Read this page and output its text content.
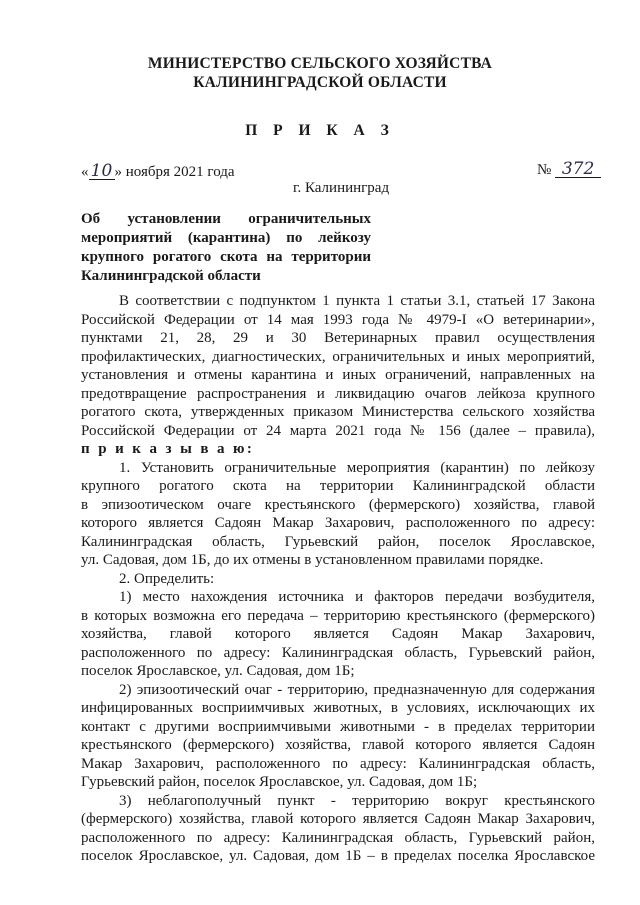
МИНИСТЕРСТВО СЕЛЬСКОГО ХОЗЯЙСТВА
КАЛИНИНГРАДСКОЙ ОБЛАСТИ
П Р И К А З
« 10 » ноября 2021 года	№ 372
г. Калининград
Об установлении ограничительных
мероприятий (карантина) по лейкозу
крупного рогатого скота на территории
Калининградской области
В соответствии с подпунктом 1 пункта 1 статьи 3.1, статьей 17 Закона
Российской Федерации от 14 мая 1993 года № 4979-I «О ветеринарии»,
пунктами 21, 28, 29 и 30 Ветеринарных правил осуществления
профилактических, диагностических, ограничительных и иных мероприятий,
установления и отмены карантина и иных ограничений, направленных на
предотвращение распространения и ликвидацию очагов лейкоза крупного
рогатого скота, утвержденных приказом Министерства сельского хозяйства
Российской Федерации от 24 марта 2021 года № 156 (далее – правила),
п р и к а з ы в а ю:
1. Установить ограничительные мероприятия (карантин) по лейкозу
крупного рогатого скота на территории Калининградской области
в эпизоотическом очаге крестьянского (фермерского) хозяйства, главой
которого является Садоян Макар Захарович, расположенного по адресу:
Калининградская область, Гурьевский район, поселок Ярославское,
ул. Садовая, дом 1Б, до их отмены в установленном правилами порядке.
2. Определить:
1) место нахождения источника и факторов передачи возбудителя,
в которых возможна его передача – территорию крестьянского (фермерского)
хозяйства, главой которого является Садоян Макар Захарович,
расположенного по адресу: Калининградская область, Гурьевский район,
поселок Ярославское, ул. Садовая, дом 1Б;
2) эпизоотический очаг - территорию, предназначенную для содержания
инфицированных восприимчивых животных, в условиях, исключающих их
контакт с другими восприимчивыми животными - в пределах территории
крестьянского (фермерского) хозяйства, главой которого является Садоян
Макар Захарович, расположенного по адресу: Калининградская область,
Гурьевский район, поселок Ярославское, ул. Садовая, дом 1Б;
3) неблагополучный пункт - территорию вокруг крестьянского
(фермерского) хозяйства, главой которого является Садоян Макар Захарович,
расположенного по адресу: Калининградская область, Гурьевский район,
поселок Ярославское, ул. Садовая, дом 1Б – в пределах поселка Ярославское
